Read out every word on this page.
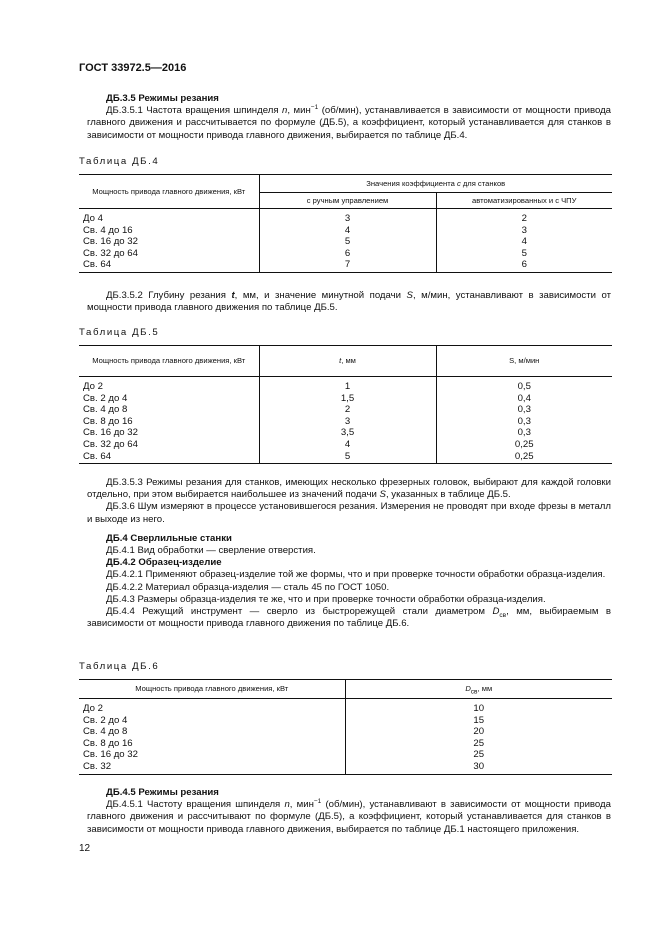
ГОСТ 33972.5—2016

ДБ.3.5 Режимы резания

ДБ.3.5.1 Частота вращения шпинделя n, мин$^{-1}$ (об/мин), устанавливается в зависимости от мощности привода главного движения и рассчитывается по формуле (ДБ.5), а коэффициент, который устанавливается для станков в зависимости от мощности привода главного движения, выбирается по таблице ДБ.4.

Таблица ДБ.4
Мощность привода главного движения, кВт	Значения коэффициента c для станков	
	с ручным управлением	автоматизированных и с ЧПУ
До 4	3	2
Св. 4 до 16	4	3
Св. 16 до 32	5	4
Св. 32 до 64	6	5
Св. 64	7	6

ДБ.3.5.2 Глубину резания t, мм, и значение минутной подачи S, м/мин, устанавливают в зависимости от мощности привода главного движения по таблице ДБ.5.

Таблица ДБ.5
Мощность привода главного движения, кВт	t, мм	S, м/мин
До 2	1	0,5
Св. 2 до 4	1,5	0,4
Св. 4 до 8	2	0,3
Св. 8 до 16	3	0,3
Св. 16 до 32	3,5	0,3
Св. 32 до 64	4	0,25
Св. 64	5	0,25

ДБ.3.5.3 Режимы резания для станков, имеющих несколько фрезерных головок, выбирают для каждой головки отдельно, при этом выбирается наибольшее из значений подачи S, указанных в таблице ДБ.5.

ДБ.3.6 Шум измеряют в процессе установившегося резания. Измерения не проводят при входе фрезы в металл и выходе из него.

ДБ.4 Сверлильные станки

ДБ.4.1 Вид обработки — сверление отверстия.

ДБ.4.2 Образец-изделие

ДБ.4.2.1 Применяют образец-изделие той же формы, что и при проверке точности обработки образца-изделия.

ДБ.4.2.2 Материал образца-изделия — сталь 45 по ГОСТ 1050.

ДБ.4.3 Размеры образца-изделия те же, что и при проверке точности обработки образца-изделия.

ДБ.4.4 Режущий инструмент — сверло из быстрорежущей стали диаметром $D_{св}$, мм, выбираемым в зависимости от мощности привода главного движения по таблице ДБ.6.

Таблица ДБ.6
Мощность привода главного движения, кВт	$D_{св}$, мм
До 2	10
Св. 2 до 4	15
Св. 4 до 8	20
Св. 8 до 16	25
Св. 16 до 32	25
Св. 32	30

ДБ.4.5 Режимы резания

ДБ.4.5.1 Частоту вращения шпинделя n, мин$^{-1}$ (об/мин), устанавливают в зависимости от мощности привода главного движения и рассчитывают по формуле (ДБ.5), а коэффициент, который устанавливается для станков в зависимости от мощности привода главного движения, выбирается по таблице ДБ.1 настоящего приложения.

12
